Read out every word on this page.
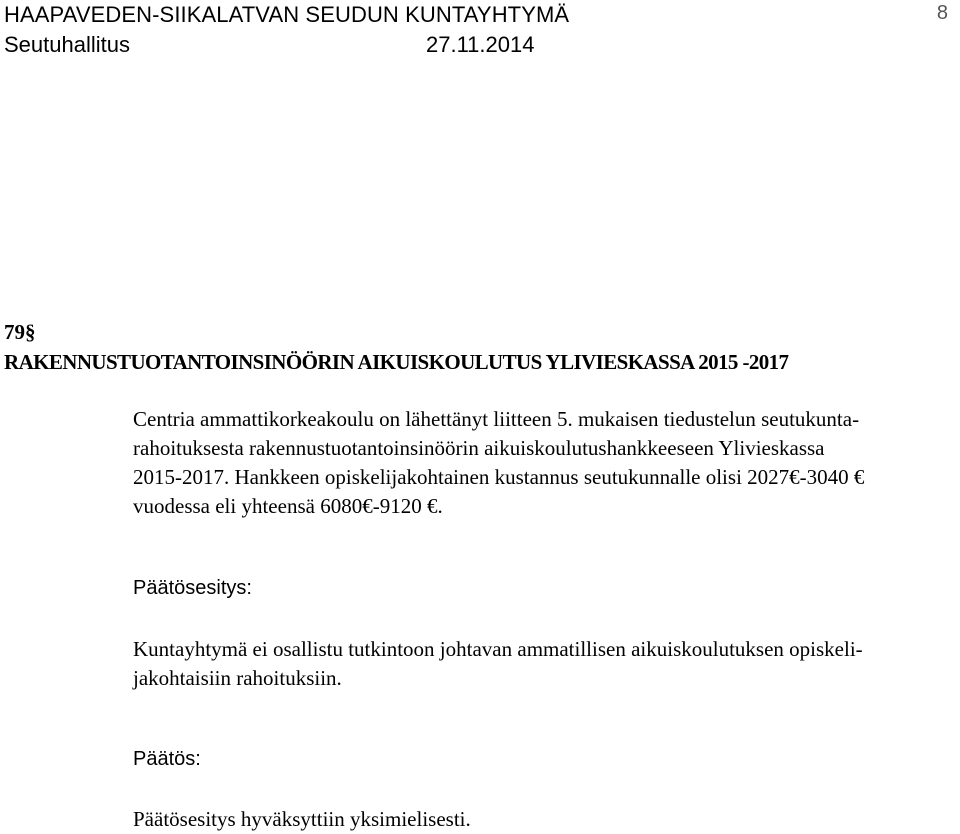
HAAPAVEDEN-SIIKALATVAN SEUDUN KUNTAYHTYMÄ
Seutuhallitus	27.11.2014
8
79§
RAKENNUSTUOTANTOINSINÖÖRIN AIKUISKOULUTUS YLIVIESKASSA 2015 -2017

Centria ammattikorkeakoulu on lähettänyt liitteen 5. mukaisen tiedustelun seutukunta-
rahoituksesta rakennustuotantoinsinöörin aikuiskoulutushankkeeseen Ylivieskassa
2015-2017. Hankkeen opiskelijakohtainen kustannus seutukunnalle olisi 2027€-3040 €
vuodessa eli yhteensä 6080€-9120 €.

Päätösesitys:

Kuntayhtymä ei osallistu tutkintoon johtavan ammatillisen aikuiskoulutuksen opiskeli-
jakohtaisiin rahoituksiin.

Päätös:

Päätösesitys hyväksyttiin yksimielisesti.
